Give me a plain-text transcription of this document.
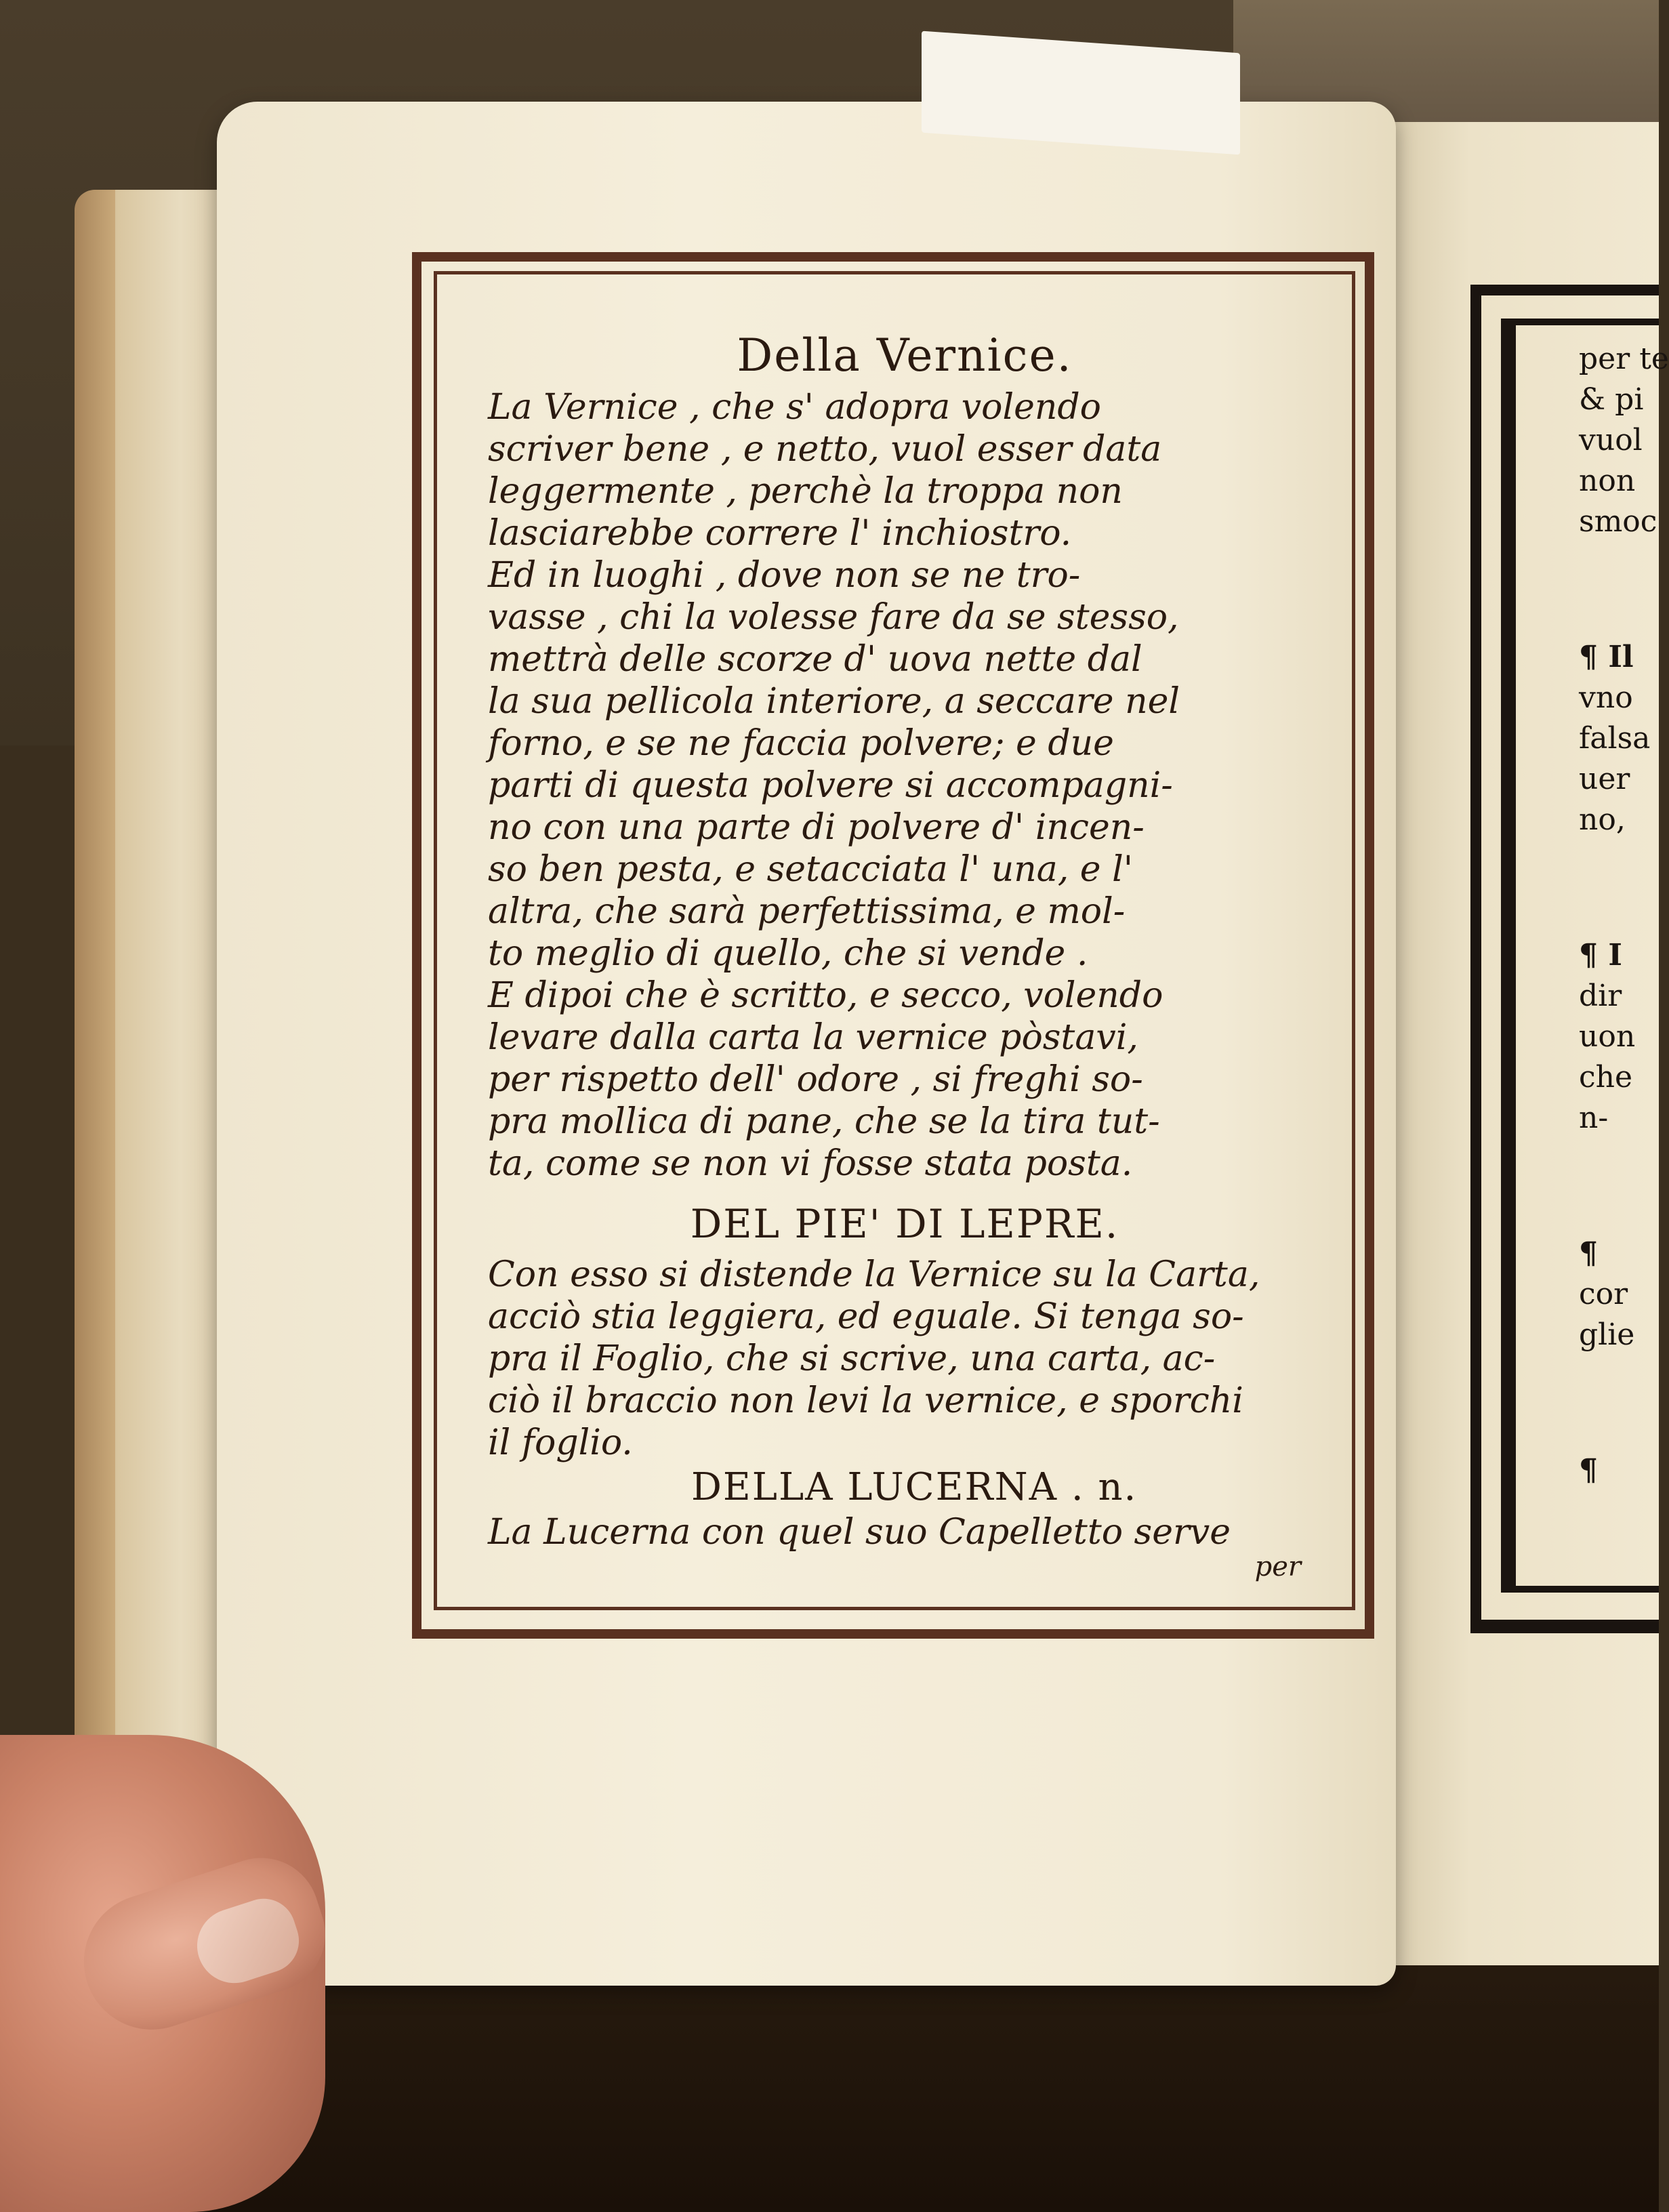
per te
& pi
vuol
non
smoc
¶ Il
vno
falsa
uer
no,
¶ I
dir
uon
che
n-
¶
cor
glie
¶
Della Vernice.

La Vernice , che s' adopra volendo
scriver bene , e netto, vuol esser data
leggermente , perchè la troppa non
lasciarebbe correre l' inchiostro.
Ed in luoghi , dove non se ne tro-
vasse , chi la volesse fare da se stesso,
mettrà delle scorze d' uova nette dal
la sua pellicola interiore, a seccare nel
forno, e se ne faccia polvere; e due
parti di questa polvere si accompagni-
no con una parte di polvere d' incen-
so ben pesta, e setacciata l' una, e l'
altra, che sarà perfettissima, e mol-
to meglio di quello, che si vende .
E dipoi che è scritto, e secco, volendo
levare dalla carta la vernice pòstavi,
per rispetto dell' odore , si freghi so-
pra mollica di pane, che se la tira tut-
ta, come se non vi fosse stata posta.

DEL PIE' DI LEPRE.

Con esso si distende la Vernice su la Carta,
acciò stia leggiera, ed eguale. Si tenga so-
pra il Foglio, che si scrive, una carta, ac-
ciò il braccio non levi la vernice, e sporchi
il foglio.

DELLA LUCERNA . n.

La Lucerna con quel suo Capelletto serve

per
